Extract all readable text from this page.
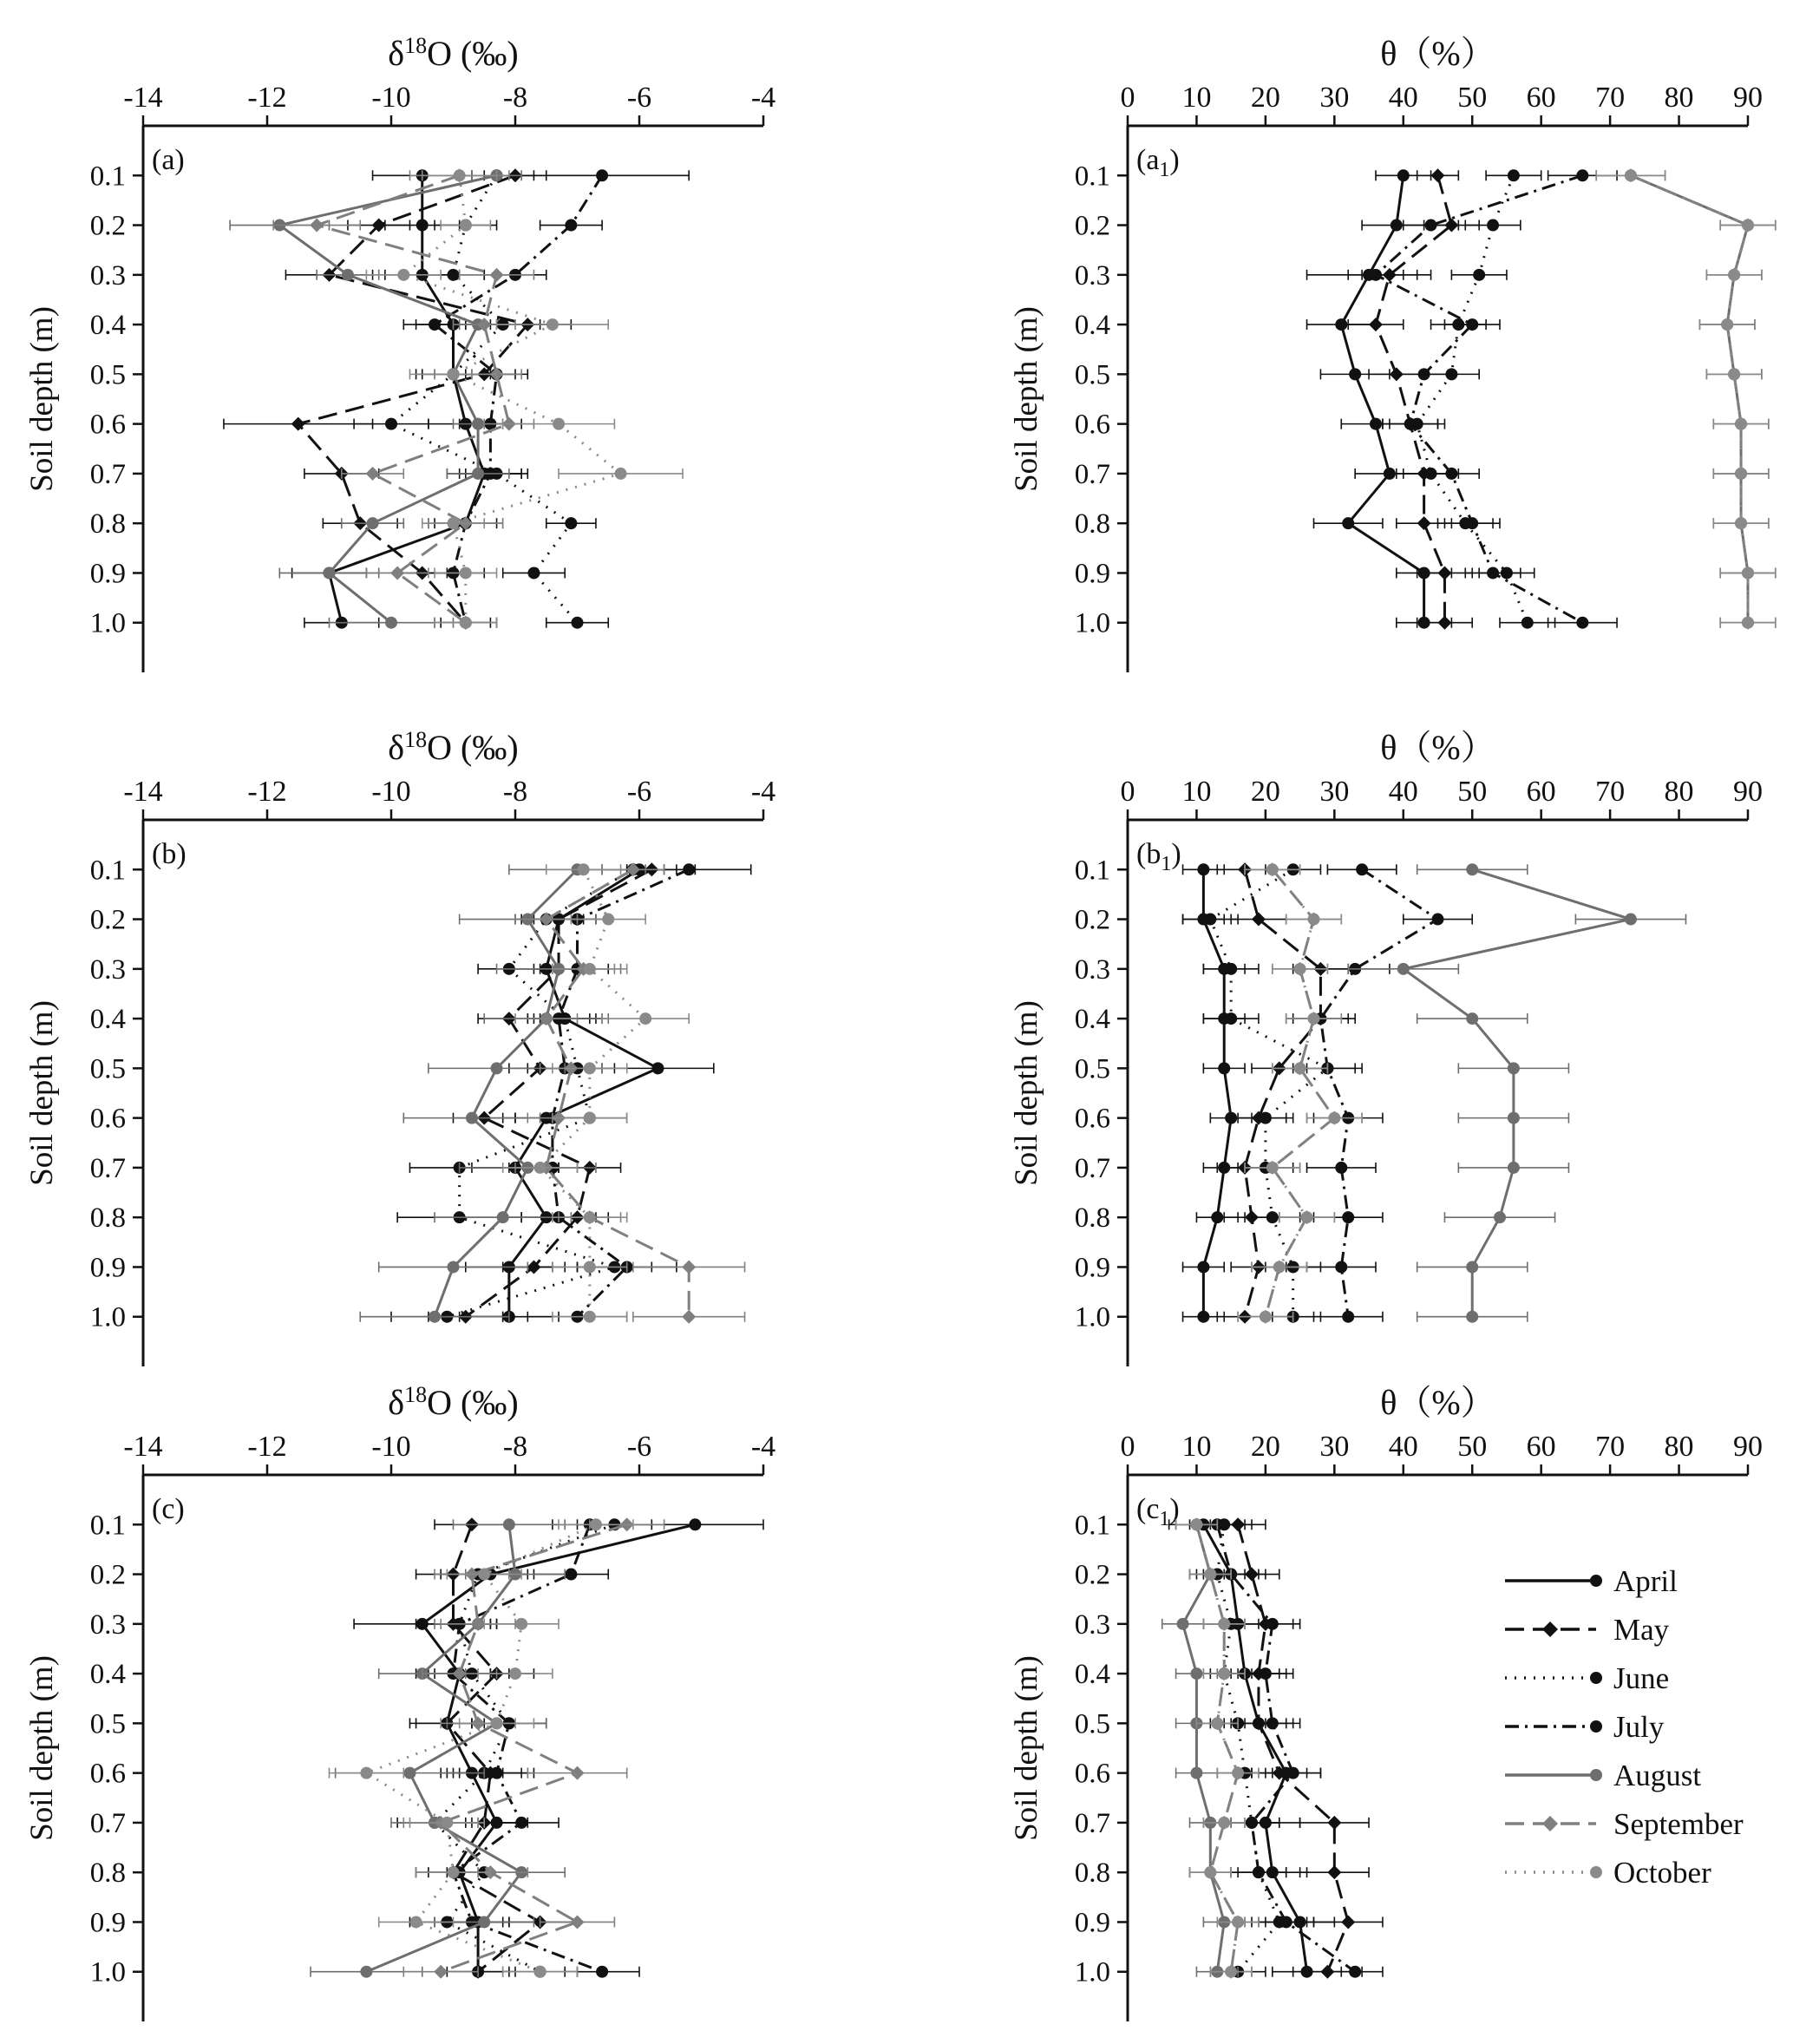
-14	-12	-10	-8	-6	-4
0.1
0.2
0.3
0.4
0.5
0.6
0.7
0.8
0.9
1.0
$\delta^{18}O$ (‰)
Soil depth (m)
(a)
0 10 20 30 40 50 60 70 80 90
0.1
0.2
0.3
0.4
0.5
0.6
0.7
0.8
0.9
1.0
θ（%）
Soil depth (m)
$(a_1)$
-14	-12	-10	-8	-6	-4
0.1
0.2
0.3
0.4
0.5
0.6
0.7
0.8
0.9
1.0
$\delta^{18}O$ (‰)
Soil depth (m)
(b)
0 10 20 30 40 50 60 70 80 90
0.1
0.2
0.3
0.4
0.5
0.6
0.7
0.8
0.9
1.0
θ（%）
Soil depth (m)
$(b_1)$
-14	-12	-10	-8	-6	-4
0.1
0.2
0.3
0.4
0.5
0.6
0.7
0.8
0.9
1.0
$\delta^{18}O$ (‰)
Soil depth (m)
(c)
0 10 20 30 40 50 60 70 80 90
0.1
0.2
0.3
0.4
0.5
0.6
0.7
0.8
0.9
1.0
θ（%）
Soil depth (m)
$(c_1)$
April
May
June
July
August
September
October
